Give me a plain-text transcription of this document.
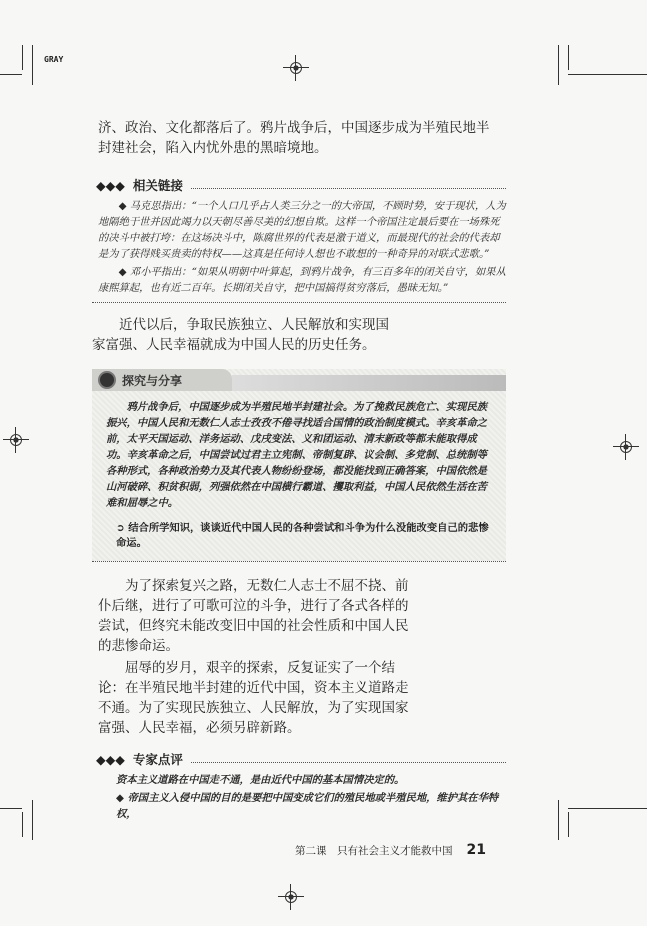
GRAY
济、政治、文化都落后了。鸦片战争后，中国逐步成为半殖民地半
封建社会，陷入内忧外患的黑暗境地。
◆◆◆ 相关链接

◆ 马克思指出：“一个人口几乎占人类三分之一的大帝国，不顾时势，安于现状，人为地隔绝于世并因此竭力以天朝尽善尽美的幻想自欺。这样一个帝国注定最后要在一场殊死的决斗中被打垮：在这场决斗中，陈腐世界的代表是激于道义，而最现代的社会的代表却是为了获得贱买贵卖的特权——这真是任何诗人想也不敢想的一种奇异的对联式悲歌。”

◆ 邓小平指出：“如果从明朝中叶算起，到鸦片战争，有三百多年的闭关自守，如果从康熙算起，也有近二百年。长期闭关自守，把中国搞得贫穷落后，愚昧无知。”

近代以后，争取民族独立、人民解放和实现国家富强、人民幸福就成为中国人民的历史任务。

探究与分享

鸦片战争后，中国逐步成为半殖民地半封建社会。为了挽救民族危亡、实现民族振兴，中国人民和无数仁人志士孜孜不倦寻找适合国情的政治制度模式。辛亥革命之前，太平天国运动、洋务运动、戊戌变法、义和团运动、清末新政等都未能取得成功。辛亥革命之后，中国尝试过君主立宪制、帝制复辟、议会制、多党制、总统制等各种形式，各种政治势力及其代表人物纷纷登场，都没能找到正确答案，中国依然是山河破碎、积贫积弱，列强依然在中国横行霸道、攫取利益，中国人民依然生活在苦难和屈辱之中。

➲ 结合所学知识，谈谈近代中国人民的各种尝试和斗争为什么没能改变自己的悲惨命运。

为了探索复兴之路，无数仁人志士不屈不挠、前仆后继，进行了可歌可泣的斗争，进行了各式各样的尝试，但终究未能改变旧中国的社会性质和中国人民的悲惨命运。

屈辱的岁月，艰辛的探索，反复证实了一个结论：在半殖民地半封建的近代中国，资本主义道路走不通。为了实现民族独立、人民解放，为了实现国家富强、人民幸福，必须另辟新路。

◆◆◆ 专家点评
资本主义道路在中国走不通，是由近代中国的基本国情决定的。
◆ 帝国主义入侵中国的目的是要把中国变成它们的殖民地或半殖民地，维护其在华特权，
第二课　只有社会主义才能救中国 21
